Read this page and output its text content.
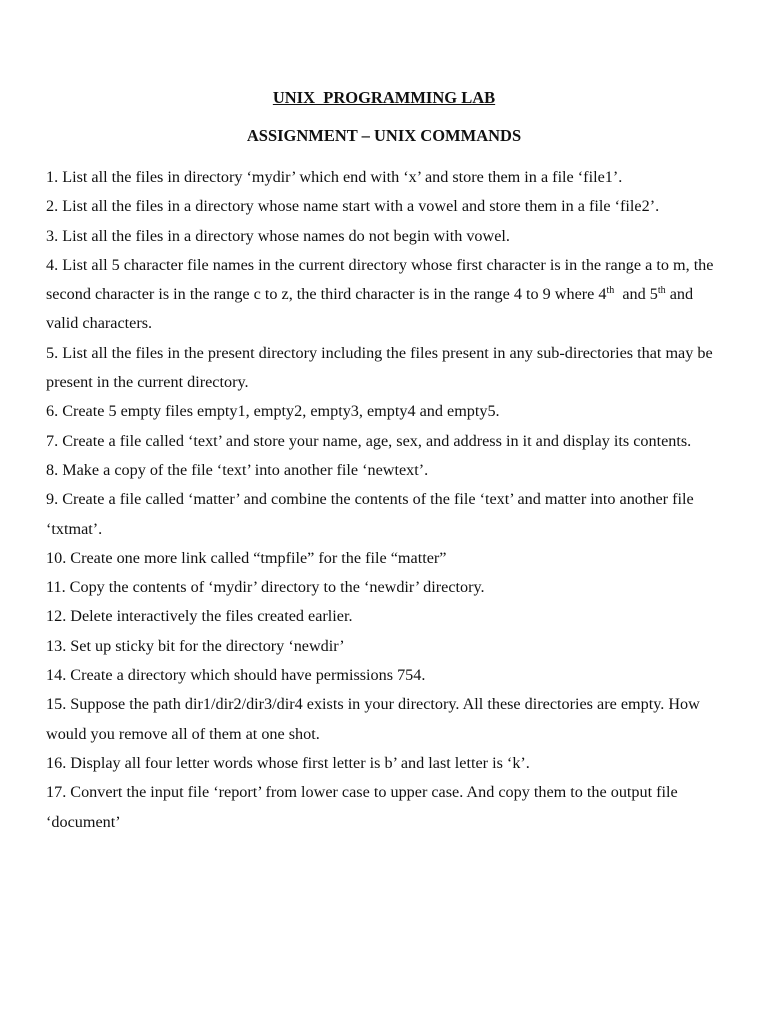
UNIX  PROGRAMMING LAB
ASSIGNMENT – UNIX COMMANDS
1. List all the files in directory ‘mydir’ which end with ‘x’ and store them in a file ‘file1’.
2. List all the files in a directory whose name start with a vowel and store them in a file ‘file2’.
3. List all the files in a directory whose names do not begin with vowel.
4. List all 5 character file names in the current directory whose first character is in the range a to m, the second character is in the range c to z, the third character is in the range 4 to 9 where 4th  and 5th and valid characters.
5. List all the files in the present directory including the files present in any sub-directories that may be present in the current directory.
6. Create 5 empty files empty1, empty2, empty3, empty4 and empty5.
7. Create a file called ‘text’ and store your name, age, sex, and address in it and display its contents.
8. Make a copy of the file ‘text’ into another file ‘newtext’.
9. Create a file called ‘matter’ and combine the contents of the file ‘text’ and matter into another file ‘txtmat’.
10. Create one more link called “tmpfile” for the file “matter”
11. Copy the contents of ‘mydir’ directory to the ‘newdir’ directory.
12. Delete interactively the files created earlier.
13. Set up sticky bit for the directory ‘newdir’
14. Create a directory which should have permissions 754.
15. Suppose the path dir1/dir2/dir3/dir4 exists in your directory. All these directories are empty. How would you remove all of them at one shot.
16. Display all four letter words whose first letter is b’ and last letter is ‘k’.
17. Convert the input file ‘report’ from lower case to upper case. And copy them to the output file ‘document’
